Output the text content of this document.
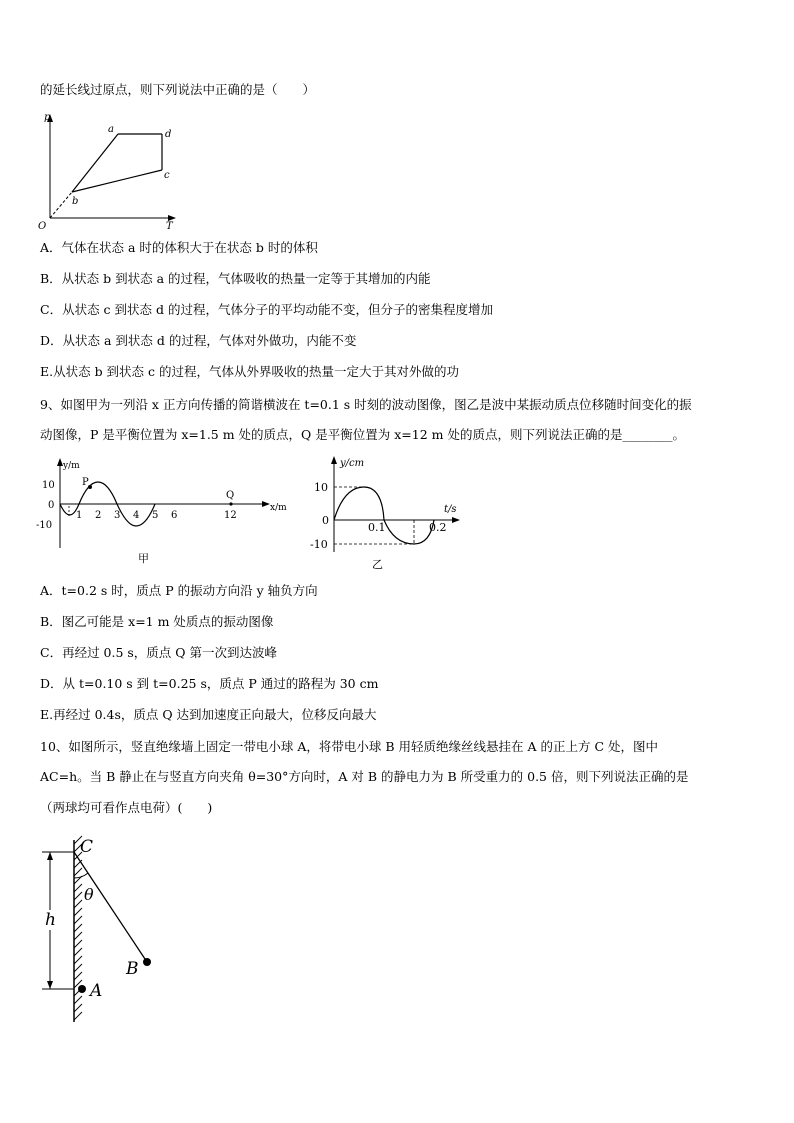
的延长线过原点，则下列说法中正确的是（　　）
p
T
O
a
b
c
d
A．气体在状态 a 时的体积大于在状态 b 时的体积
B．从状态 b 到状态 a 的过程，气体吸收的热量一定等于其增加的内能
C．从状态 c 到状态 d 的过程，气体分子的平均动能不变，但分子的密集程度增加
D．从状态 a 到状态 d 的过程，气体对外做功，内能不变
E.从状态 b 到状态 c 的过程，气体从外界吸收的热量一定大于其对外做的功
9、如图甲为一列沿 x 正方向传播的简谐横波在 t=0.1 s 时刻的波动图像，图乙是波中某振动质点位移随时间变化的振
动图像，P 是平衡位置为 x=1.5 m 处的质点，Q 是平衡位置为 x=12 m 处的质点，则下列说法正确的是________。
y/m
x/m
10
0
-10
1 2 3 4 5 6	12
P
Q
甲
y/cm
t/s
10
0
-10
0.1	0.2
乙
A．t=0.2 s 时，质点 P 的振动方向沿 y 轴负方向
B．图乙可能是 x=1 m 处质点的振动图像
C．再经过 0.5 s，质点 Q 第一次到达波峰
D．从 t=0.10 s 到 t=0.25 s，质点 P 通过的路程为 30 cm
E.再经过 0.4s，质点 Q 达到加速度正向最大，位移反向最大
10、如图所示，竖直绝缘墙上固定一带电小球 A，将带电小球 B 用轻质绝缘丝线悬挂在 A 的正上方 C 处，图中
AC=h。当 B 静止在与竖直方向夹角 θ=30°方向时，A 对 B 的静电力为 B 所受重力的 0.5 倍，则下列说法正确的是
（两球均可看作点电荷）(　　)
h
θ
C
B
A
